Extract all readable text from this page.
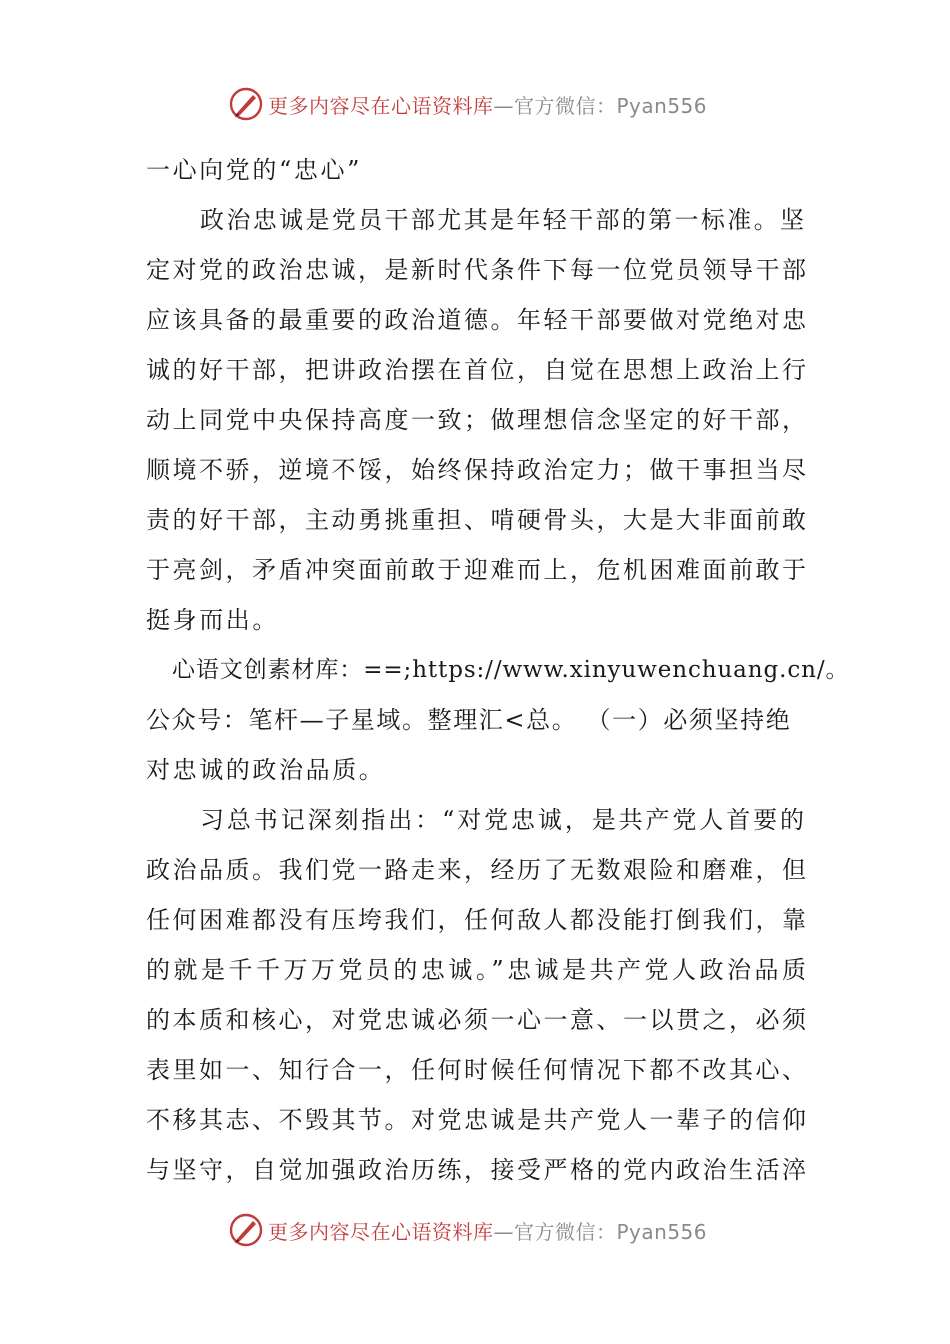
更多内容尽在心语资料库—官方微信：Pyan556
一心向党的“忠心”
政治忠诚是党员干部尤其是年轻干部的第一标准。坚
定对党的政治忠诚，是新时代条件下每一位党员领导干部
应该具备的最重要的政治道德。年轻干部要做对党绝对忠
诚的好干部，把讲政治摆在首位，自觉在思想上政治上行
动上同党中央保持高度一致；做理想信念坚定的好干部，
顺境不骄，逆境不馁，始终保持政治定力；做干事担当尽
责的好干部，主动勇挑重担、啃硬骨头，大是大非面前敢
于亮剑，矛盾冲突面前敢于迎难而上，危机困难面前敢于
挺身而出。
心语文创素材库：==;https://www.xinyuwenchuang.cn/。
公众号：笔杆—子星域。整理汇<总。 （一）必须坚持绝
对忠诚的政治品质。
习总书记深刻指出：“对党忠诚，是共产党人首要的
政治品质。我们党一路走来，经历了无数艰险和磨难，但
任何困难都没有压垮我们，任何敌人都没能打倒我们，靠
的就是千千万万党员的忠诚。”忠诚是共产党人政治品质
的本质和核心，对党忠诚必须一心一意、一以贯之，必须
表里如一、知行合一，任何时候任何情况下都不改其心、
不移其志、不毁其节。对党忠诚是共产党人一辈子的信仰
与坚守，自觉加强政治历练，接受严格的党内政治生活淬
更多内容尽在心语资料库—官方微信：Pyan556
